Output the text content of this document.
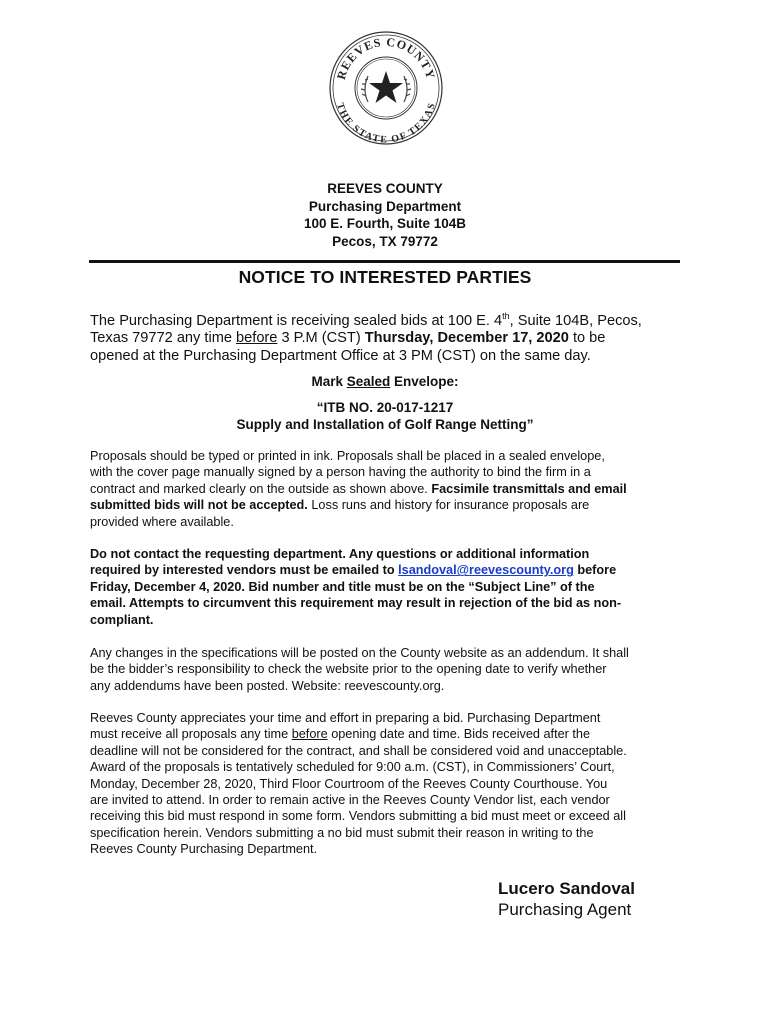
REEVES COUNTY
THE STATE OF TEXAS
REEVES COUNTY
Purchasing Department
100 E. Fourth, Suite 104B
Pecos, TX 79772
NOTICE TO INTERESTED PARTIES
The Purchasing Department is receiving sealed bids at 100 E. 4th, Suite 104B, Pecos,
Texas 79772 any time before 3 P.M (CST) Thursday, December 17, 2020 to be
opened at the Purchasing Department Office at 3 PM (CST) on the same day.
Mark Sealed Envelope:
“ITB NO. 20-017-1217
Supply and Installation of Golf Range Netting”
Proposals should be typed or printed in ink. Proposals shall be placed in a sealed envelope,
with the cover page manually signed by a person having the authority to bind the firm in a
contract and marked clearly on the outside as shown above. Facsimile transmittals and email
submitted bids will not be accepted. Loss runs and history for insurance proposals are
provided where available.
Do not contact the requesting department. Any questions or additional information
required by interested vendors must be emailed to lsandoval@reevescounty.org before
Friday, December 4, 2020. Bid number and title must be on the “Subject Line” of the
email. Attempts to circumvent this requirement may result in rejection of the bid as non-
compliant.
Any changes in the specifications will be posted on the County website as an addendum. It shall
be the bidder’s responsibility to check the website prior to the opening date to verify whether
any addendums have been posted. Website: reevescounty.org.
Reeves County appreciates your time and effort in preparing a bid. Purchasing Department
must receive all proposals any time before opening date and time. Bids received after the
deadline will not be considered for the contract, and shall be considered void and unacceptable.
Award of the proposals is tentatively scheduled for 9:00 a.m. (CST), in Commissioners’ Court,
Monday, December 28, 2020, Third Floor Courtroom of the Reeves County Courthouse. You
are invited to attend. In order to remain active in the Reeves County Vendor list, each vendor
receiving this bid must respond in some form. Vendors submitting a bid must meet or exceed all
specification herein. Vendors submitting a no bid must submit their reason in writing to the
Reeves County Purchasing Department.
Lucero Sandoval
Purchasing Agent
